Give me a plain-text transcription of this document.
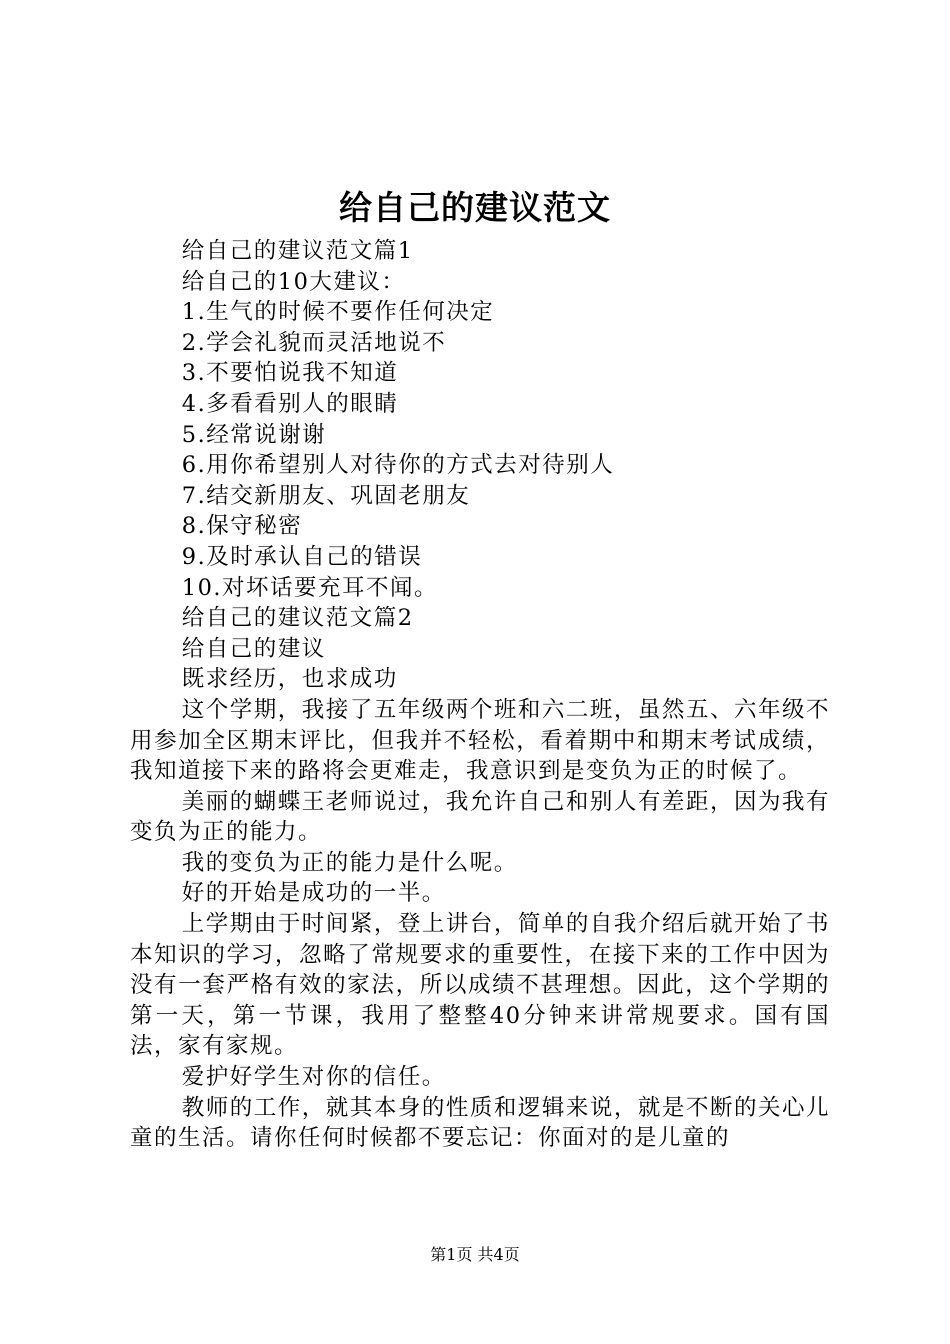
给自己的建议范文

给自己的建议范文篇1

给自己的10大建议：

1.生气的时候不要作任何决定

2.学会礼貌而灵活地说不

3.不要怕说我不知道

4.多看看别人的眼睛

5.经常说谢谢

6.用你希望别人对待你的方式去对待别人

7.结交新朋友、巩固老朋友

8.保守秘密

9.及时承认自己的错误

10.对坏话要充耳不闻。

给自己的建议范文篇2

给自己的建议

既求经历，也求成功

这个学期，我接了五年级两个班和六二班，虽然五、六年级不用参加全区期末评比，但我并不轻松，看着期中和期末考试成绩，我知道接下来的路将会更难走，我意识到是变负为正的时候了。

美丽的蝴蝶王老师说过，我允许自己和别人有差距，因为我有变负为正的能力。

我的变负为正的能力是什么呢。

好的开始是成功的一半。

上学期由于时间紧，登上讲台，简单的自我介绍后就开始了书本知识的学习，忽略了常规要求的重要性，在接下来的工作中因为没有一套严格有效的家法，所以成绩不甚理想。因此，这个学期的第一天，第一节课，我用了整整40分钟来讲常规要求。国有国法，家有家规。

爱护好学生对你的信任。

教师的工作，就其本身的性质和逻辑来说，就是不断的关心儿童的生活。请你任何时候都不要忘记：你面对的是儿童的

第1页 共4页
